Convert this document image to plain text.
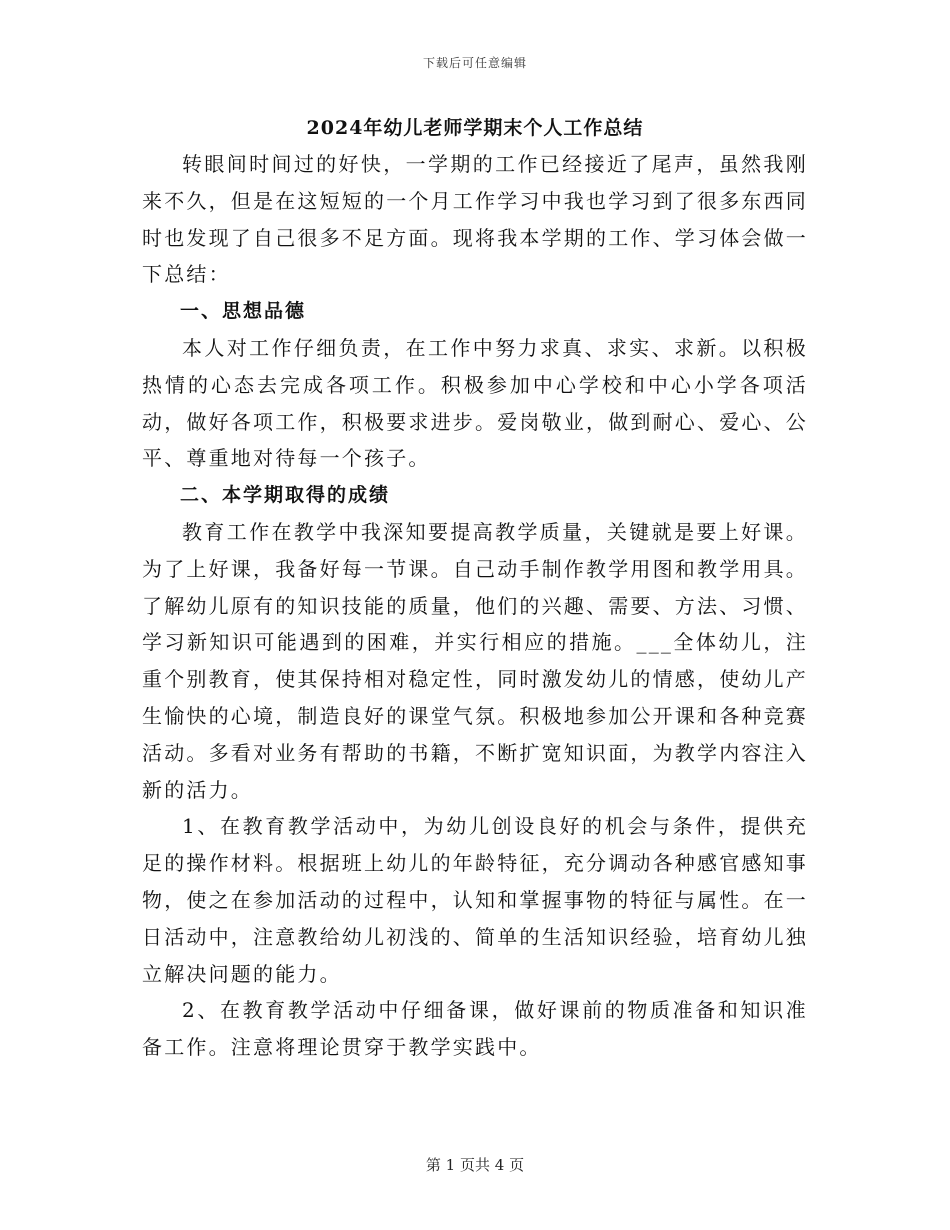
下载后可任意编辑
2024年幼儿老师学期末个人工作总结

转眼间时间过的好快，一学期的工作已经接近了尾声，虽然我刚来不久，但是在这短短的一个月工作学习中我也学习到了很多东西同时也发现了自己很多不足方面。现将我本学期的工作、学习体会做一下总结：

一、思想品德

本人对工作仔细负责，在工作中努力求真、求实、求新。以积极热情的心态去完成各项工作。积极参加中心学校和中心小学各项活动，做好各项工作，积极要求进步。爱岗敬业，做到耐心、爱心、公平、尊重地对待每一个孩子。

二、本学期取得的成绩

教育工作在教学中我深知要提高教学质量，关键就是要上好课。为了上好课，我备好每一节课。自己动手制作教学用图和教学用具。了解幼儿原有的知识技能的质量，他们的兴趣、需要、方法、习惯、学习新知识可能遇到的困难，并实行相应的措施。___全体幼儿，注重个别教育，使其保持相对稳定性，同时激发幼儿的情感，使幼儿产生愉快的心境，制造良好的课堂气氛。积极地参加公开课和各种竞赛活动。多看对业务有帮助的书籍，不断扩宽知识面，为教学内容注入新的活力。

1、在教育教学活动中，为幼儿创设良好的机会与条件，提供充足的操作材料。根据班上幼儿的年龄特征，充分调动各种感官感知事物，使之在参加活动的过程中，认知和掌握事物的特征与属性。在一日活动中，注意教给幼儿初浅的、简单的生活知识经验，培育幼儿独立解决问题的能力。

2、在教育教学活动中仔细备课，做好课前的物质准备和知识准备工作。注意将理论贯穿于教学实践中。

第 1 页共 4 页
